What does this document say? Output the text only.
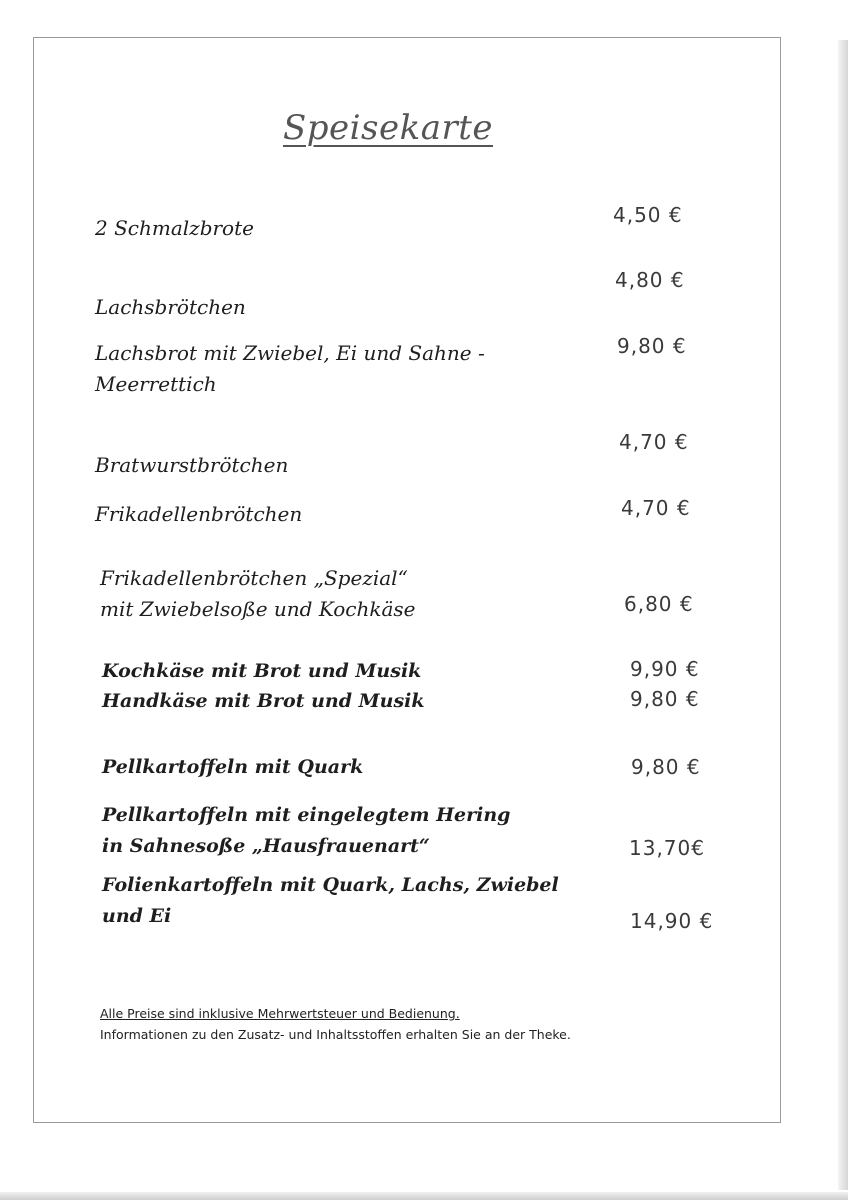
Speisekarte
2 Schmalzbrote
4,50 €
Lachsbrötchen
4,80 €
Lachsbrot mit Zwiebel, Ei und Sahne -
Meerrettich
9,80 €
Bratwurstbrötchen
4,70 €
Frikadellenbrötchen	4,70 €
Frikadellenbrötchen „Spezial“
mit Zwiebelsoße und Kochkäse	6,80 €
Kochkäse mit Brot und Musik	9,90 €
Handkäse mit Brot und Musik	9,80 €
Pellkartoffeln mit Quark	9,80 €
Pellkartoffeln mit eingelegtem Hering
in Sahnesoße „Hausfrauenart“	13,70€
Folienkartoffeln mit Quark, Lachs, Zwiebel
und Ei	14,90 €
Alle Preise sind inklusive Mehrwertsteuer und Bedienung.
Informationen zu den Zusatz- und Inhaltsstoffen erhalten Sie an der Theke.
